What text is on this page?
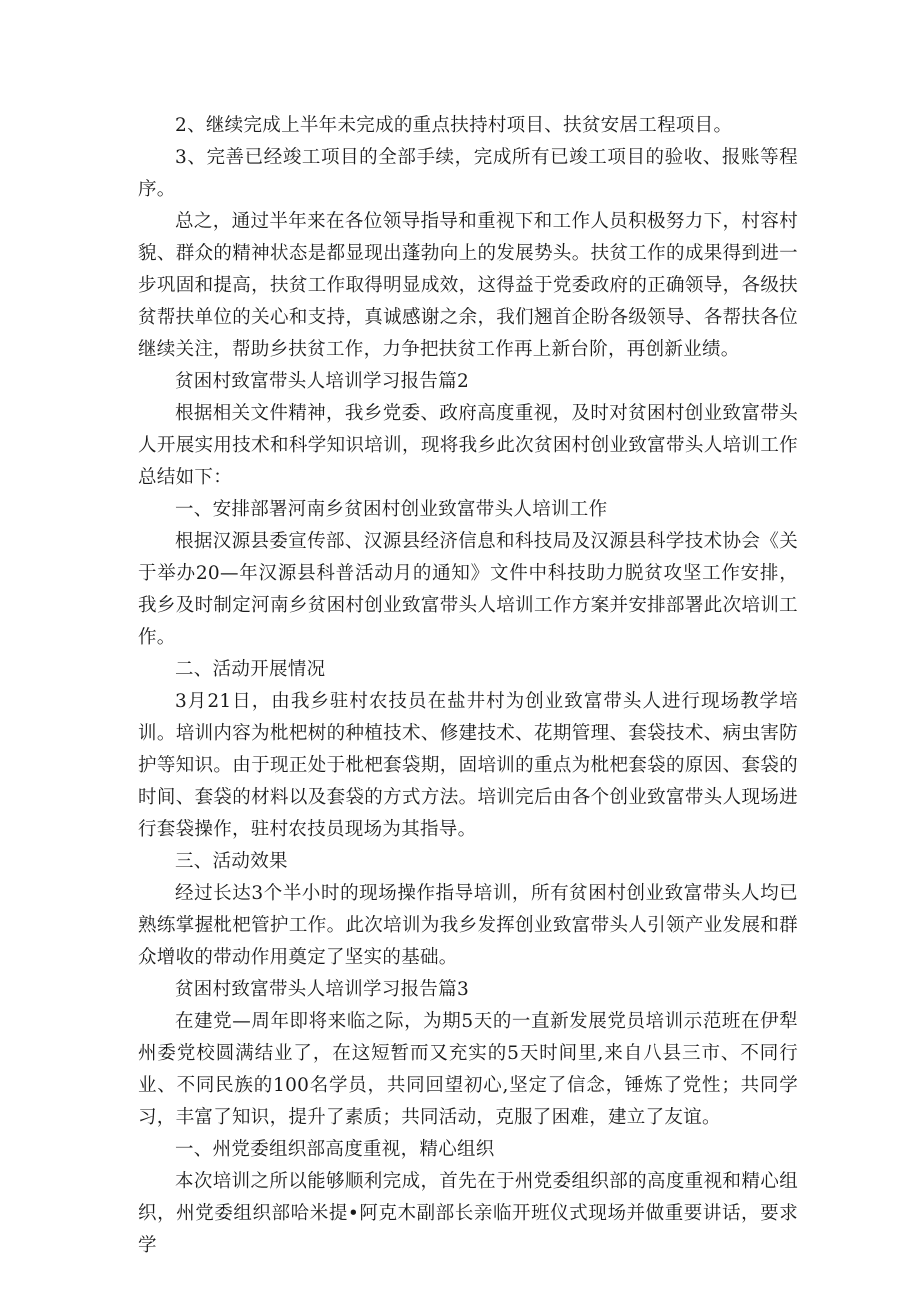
2、继续完成上半年未完成的重点扶持村项目、扶贫安居工程项目。

3、完善已经竣工项目的全部手续，完成所有已竣工项目的验收、报账等程序。

总之，通过半年来在各位领导指导和重视下和工作人员积极努力下，村容村貌、群众的精神状态是都显现出蓬勃向上的发展势头。扶贫工作的成果得到进一步巩固和提高，扶贫工作取得明显成效，这得益于党委政府的正确领导，各级扶贫帮扶单位的关心和支持，真诚感谢之余，我们翘首企盼各级领导、各帮扶各位继续关注，帮助乡扶贫工作，力争把扶贫工作再上新台阶，再创新业绩。

贫困村致富带头人培训学习报告篇2

根据相关文件精神，我乡党委、政府高度重视，及时对贫困村创业致富带头人开展实用技术和科学知识培训，现将我乡此次贫困村创业致富带头人培训工作总结如下：

一、安排部署河南乡贫困村创业致富带头人培训工作

根据汉源县委宣传部、汉源县经济信息和科技局及汉源县科学技术协会《关于举办20—年汉源县科普活动月的通知》文件中科技助力脱贫攻坚工作安排，我乡及时制定河南乡贫困村创业致富带头人培训工作方案并安排部署此次培训工作。

二、活动开展情况

3月21日，由我乡驻村农技员在盐井村为创业致富带头人进行现场教学培训。培训内容为枇杷树的种植技术、修建技术、花期管理、套袋技术、病虫害防护等知识。由于现正处于枇杷套袋期，固培训的重点为枇杷套袋的原因、套袋的时间、套袋的材料以及套袋的方式方法。培训完后由各个创业致富带头人现场进行套袋操作，驻村农技员现场为其指导。

三、活动效果

经过长达3个半小时的现场操作指导培训，所有贫困村创业致富带头人均已熟练掌握枇杷管护工作。此次培训为我乡发挥创业致富带头人引领产业发展和群众增收的带动作用奠定了坚实的基础。

贫困村致富带头人培训学习报告篇3

在建党—周年即将来临之际，为期5天的一直新发展党员培训示范班在伊犁州委党校圆满结业了，在这短暂而又充实的5天时间里,来自八县三市、不同行业、不同民族的100名学员，共同回望初心,坚定了信念，锤炼了党性；共同学习，丰富了知识，提升了素质；共同活动，克服了困难，建立了友谊。

一、州党委组织部高度重视，精心组织

本次培训之所以能够顺利完成，首先在于州党委组织部的高度重视和精心组织，州党委组织部哈米提•阿克木副部长亲临开班仪式现场并做重要讲话，要求学
